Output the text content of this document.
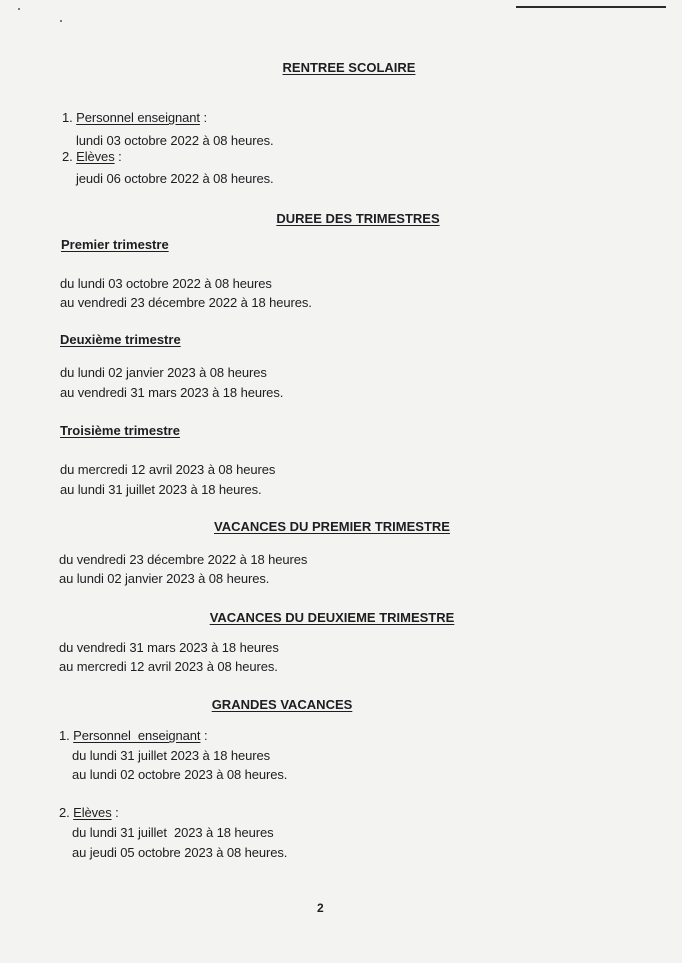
RENTREE SCOLAIRE
1. Personnel enseignant :
lundi 03 octobre 2022 à 08 heures.
2. Elèves :
jeudi 06 octobre 2022 à 08 heures.
DUREE DES TRIMESTRES
Premier trimestre
du lundi 03 octobre 2022 à 08 heures
au vendredi 23 décembre 2022 à 18 heures.
Deuxième trimestre
du lundi 02 janvier 2023 à 08 heures
au vendredi 31 mars 2023 à 18 heures.
Troisième trimestre
du mercredi 12 avril 2023 à 08 heures
au lundi 31 juillet 2023 à 18 heures.
VACANCES DU PREMIER TRIMESTRE
du vendredi 23 décembre 2022 à 18 heures
au lundi 02 janvier 2023 à 08 heures.
VACANCES DU DEUXIEME TRIMESTRE
du vendredi 31 mars 2023 à 18 heures
au mercredi 12 avril 2023 à 08 heures.
GRANDES VACANCES
1. Personnel  enseignant :
du lundi 31 juillet 2023 à 18 heures
au lundi 02 octobre 2023 à 08 heures.
2. Elèves :
du lundi 31 juillet  2023 à 18 heures
au jeudi 05 octobre 2023 à 08 heures.
2
